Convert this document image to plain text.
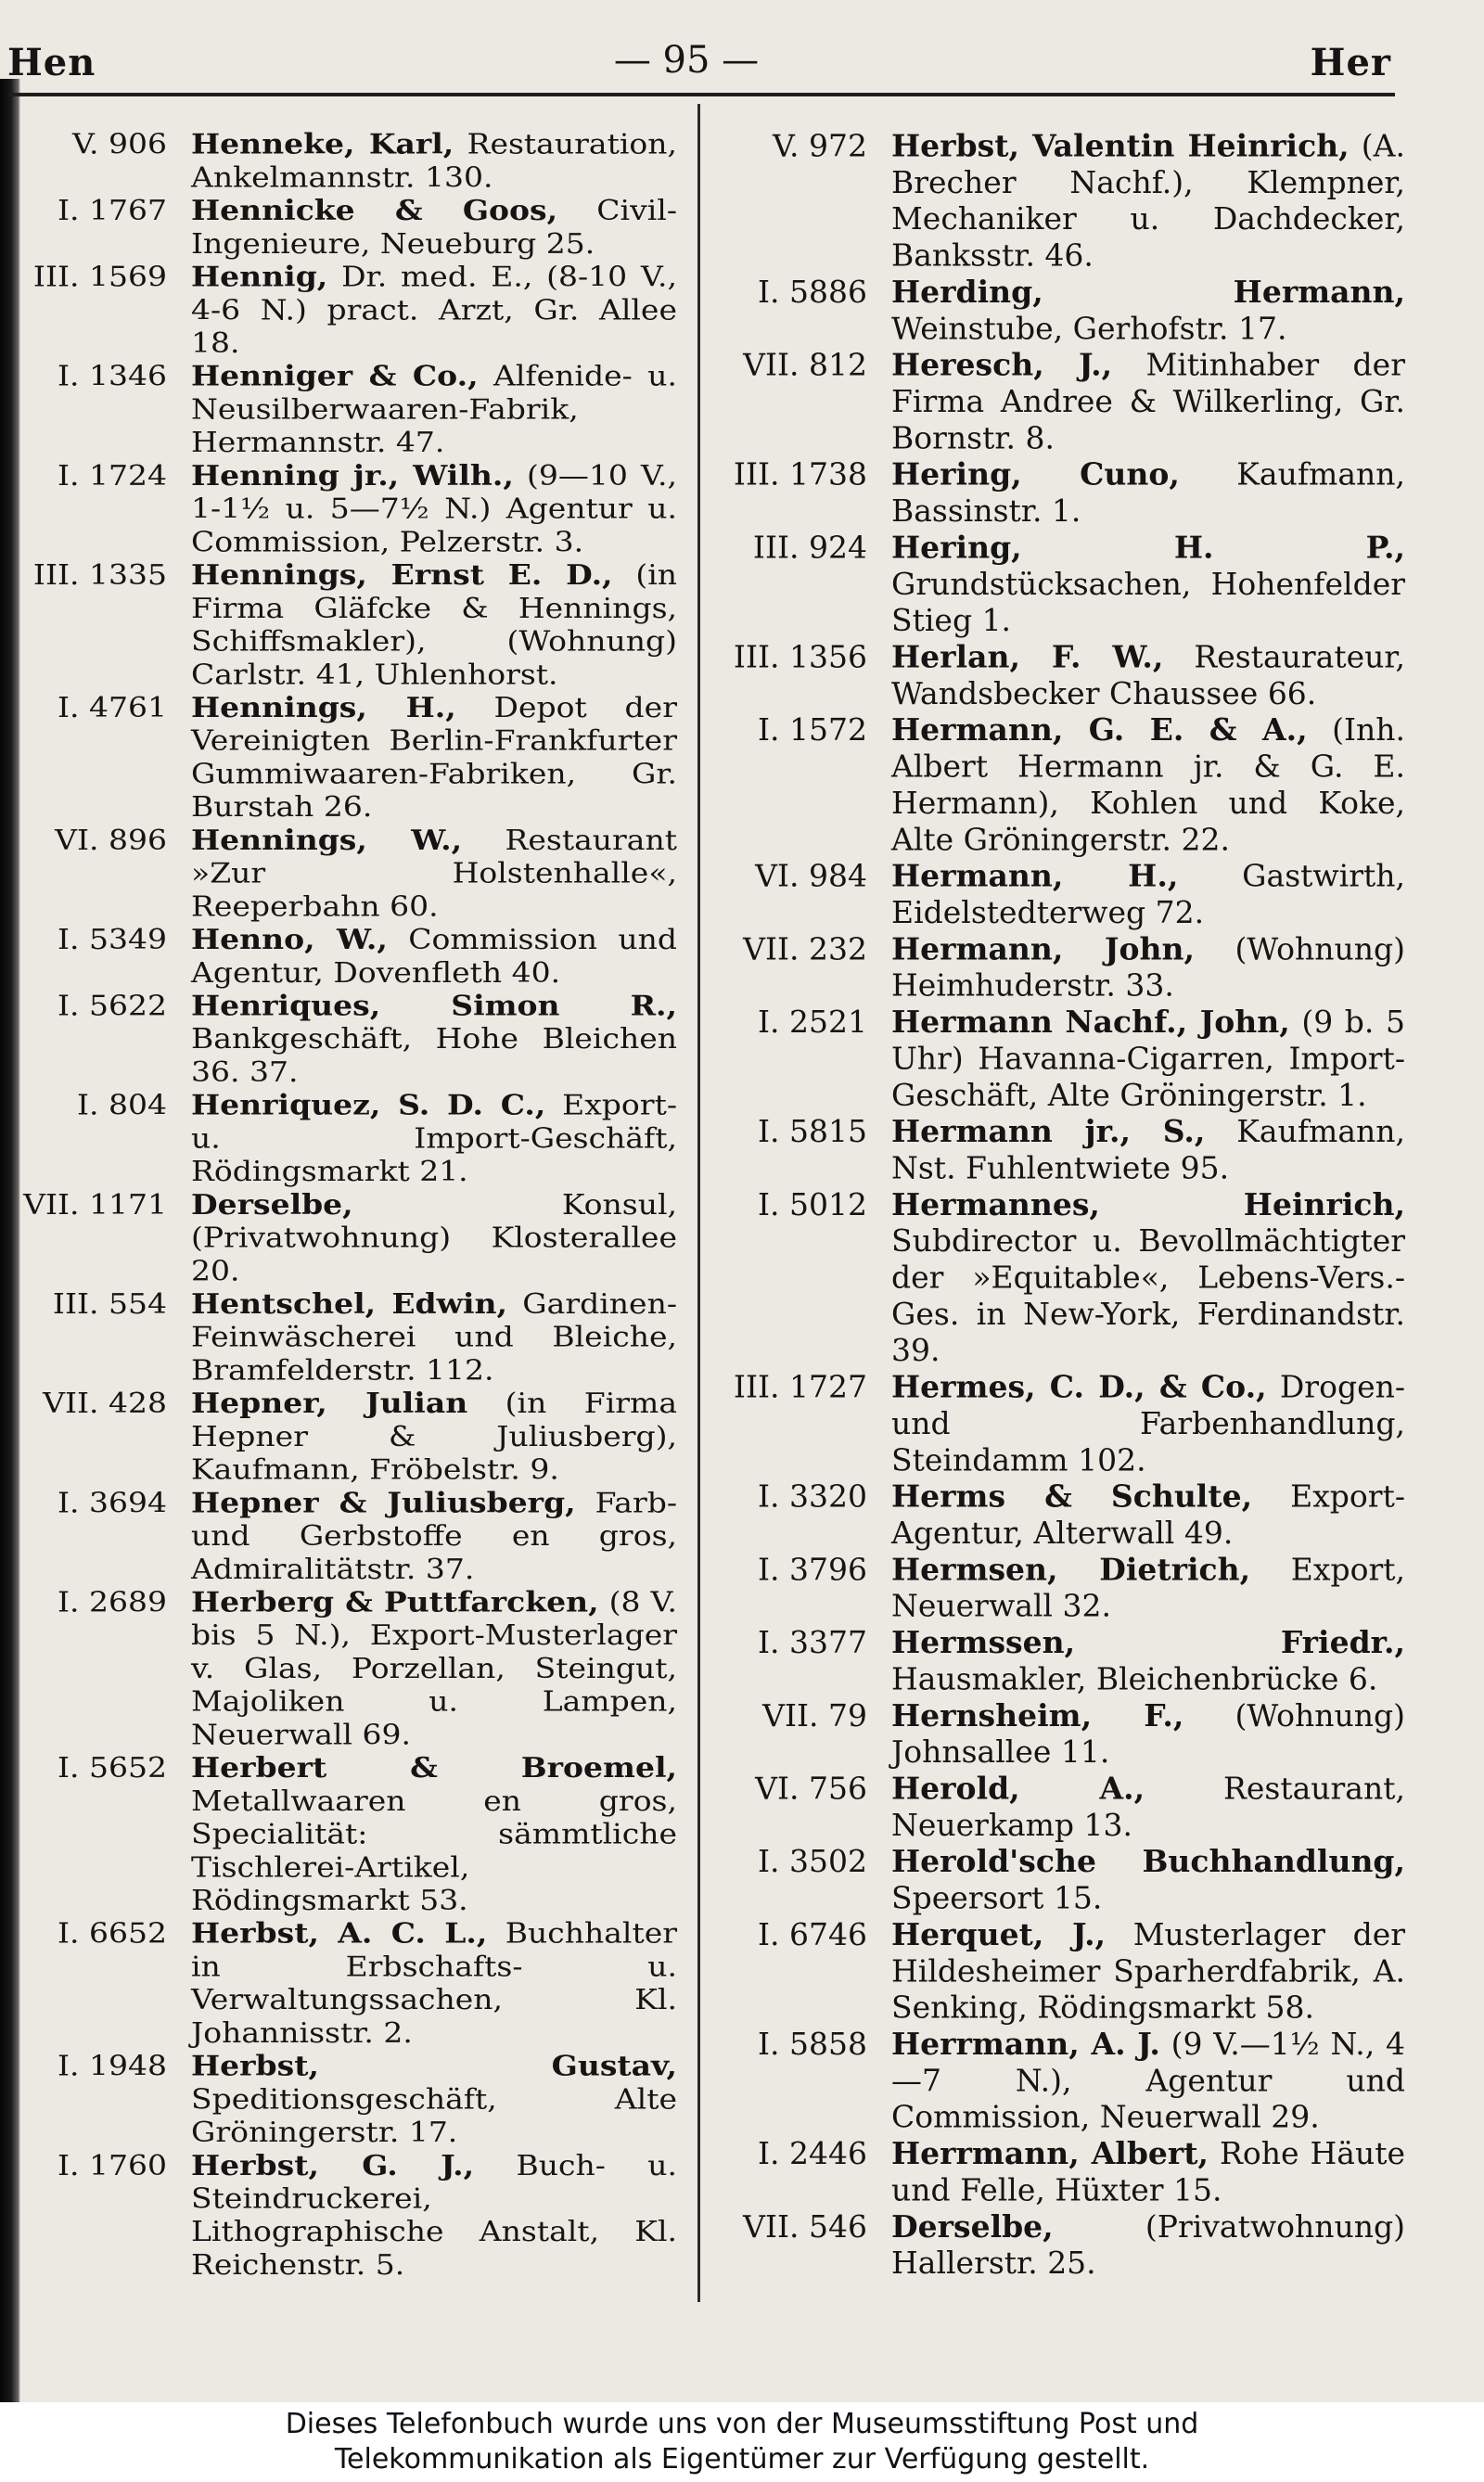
Hen	— 95 —	Her
V. 906 Henneke, Karl, Restauration, Ankelmannstr. 130.
I. 1767 Hennicke & Goos, Civil-Ingenieure, Neueburg 25.
III. 1569 Hennig, Dr. med. E., (8-10 V., 4-6 N.) pract. Arzt, Gr. Allee 18.
I. 1346 Henniger & Co., Alfenide- u. Neusilberwaaren-Fabrik, Hermannstr. 47.
I. 1724 Henning jr., Wilh., (9—10 V., 1-1½ u. 5—7½ N.) Agentur u. Commission, Pelzerstr. 3.
III. 1335 Hennings, Ernst E. D., (in Firma Gläfcke & Hennings, Schiffsmakler), (Wohnung) Carlstr. 41, Uhlenhorst.
I. 4761 Hennings, H., Depot der Vereinigten Berlin-Frankfurter Gummiwaaren-Fabriken, Gr. Burstah 26.
VI. 896 Hennings, W., Restaurant »Zur Holstenhalle«, Reeperbahn 60.
I. 5349 Henno, W., Commission und Agentur, Dovenfleth 40.
I. 5622 Henriques, Simon R., Bankgeschäft, Hohe Bleichen 36. 37.
I. 804 Henriquez, S. D. C., Export- u. Import-Geschäft, Rödingsmarkt 21.
VII. 1171 Derselbe, Konsul, (Privatwohnung) Klosterallee 20.
III. 554 Hentschel, Edwin, Gardinen-Feinwäscherei und Bleiche, Bramfelderstr. 112.
VII. 428 Hepner, Julian (in Firma Hepner & Juliusberg), Kaufmann, Fröbelstr. 9.
I. 3694 Hepner & Juliusberg, Farb- und Gerbstoffe en gros, Admiralitätstr. 37.
I. 2689 Herberg & Puttfarcken, (8 V. bis 5 N.), Export-Musterlager v. Glas, Porzellan, Steingut, Majoliken u. Lampen, Neuerwall 69.
I. 5652 Herbert & Broemel, Metallwaaren en gros, Specialität: sämmtliche Tischlerei-Artikel, Rödingsmarkt 53.
I. 6652 Herbst, A. C. L., Buchhalter in Erbschafts- u. Verwaltungssachen, Kl. Johannisstr. 2.
I. 1948 Herbst, Gustav, Speditionsgeschäft, Alte Gröningerstr. 17.
I. 1760 Herbst, G. J., Buch- u. Steindruckerei, Lithographische Anstalt, Kl. Reichenstr. 5.
V. 972 Herbst, Valentin Heinrich, (A. Brecher Nachf.), Klempner, Mechaniker u. Dachdecker, Banksstr. 46.
I. 5886 Herding, Hermann, Weinstube, Gerhofstr. 17.
VII. 812 Heresch, J., Mitinhaber der Firma Andree & Wilkerling, Gr. Bornstr. 8.
III. 1738 Hering, Cuno, Kaufmann, Bassinstr. 1.
III. 924 Hering, H. P., Grundstücksachen, Hohenfelder Stieg 1.
III. 1356 Herlan, F. W., Restaurateur, Wandsbecker Chaussee 66.
I. 1572 Hermann, G. E. & A., (Inh. Albert Hermann jr. & G. E. Hermann), Kohlen und Koke, Alte Gröningerstr. 22.
VI. 984 Hermann, H., Gastwirth, Eidelstedterweg 72.
VII. 232 Hermann, John, (Wohnung) Heimhuderstr. 33.
I. 2521 Hermann Nachf., John, (9 b. 5 Uhr) Havanna-Cigarren, Import-Geschäft, Alte Gröningerstr. 1.
I. 5815 Hermann jr., S., Kaufmann, Nst. Fuhlentwiete 95.
I. 5012 Hermannes, Heinrich, Subdirector u. Bevollmächtigter der »Equitable«, Lebens-Vers.-Ges. in New-York, Ferdinandstr. 39.
III. 1727 Hermes, C. D., & Co., Drogen- und Farbenhandlung, Steindamm 102.
I. 3320 Herms & Schulte, Export-Agentur, Alterwall 49.
I. 3796 Hermsen, Dietrich, Export, Neuerwall 32.
I. 3377 Hermssen, Friedr., Hausmakler, Bleichenbrücke 6.
VII. 79 Hernsheim, F., (Wohnung) Johnsallee 11.
VI. 756 Herold, A., Restaurant, Neuerkamp 13.
I. 3502 Herold'sche Buchhandlung, Speersort 15.
I. 6746 Herquet, J., Musterlager der Hildesheimer Sparherdfabrik, A. Senking, Rödingsmarkt 58.
I. 5858 Herrmann, A. J. (9 V.—1½ N., 4—7 N.), Agentur und Commission, Neuerwall 29.
I. 2446 Herrmann, Albert, Rohe Häute und Felle, Hüxter 15.
VII. 546 Derselbe, (Privatwohnung) Hallerstr. 25.
Dieses Telefonbuch wurde uns von der Museumsstiftung Post und
Telekommunikation als Eigentümer zur Verfügung gestellt.
